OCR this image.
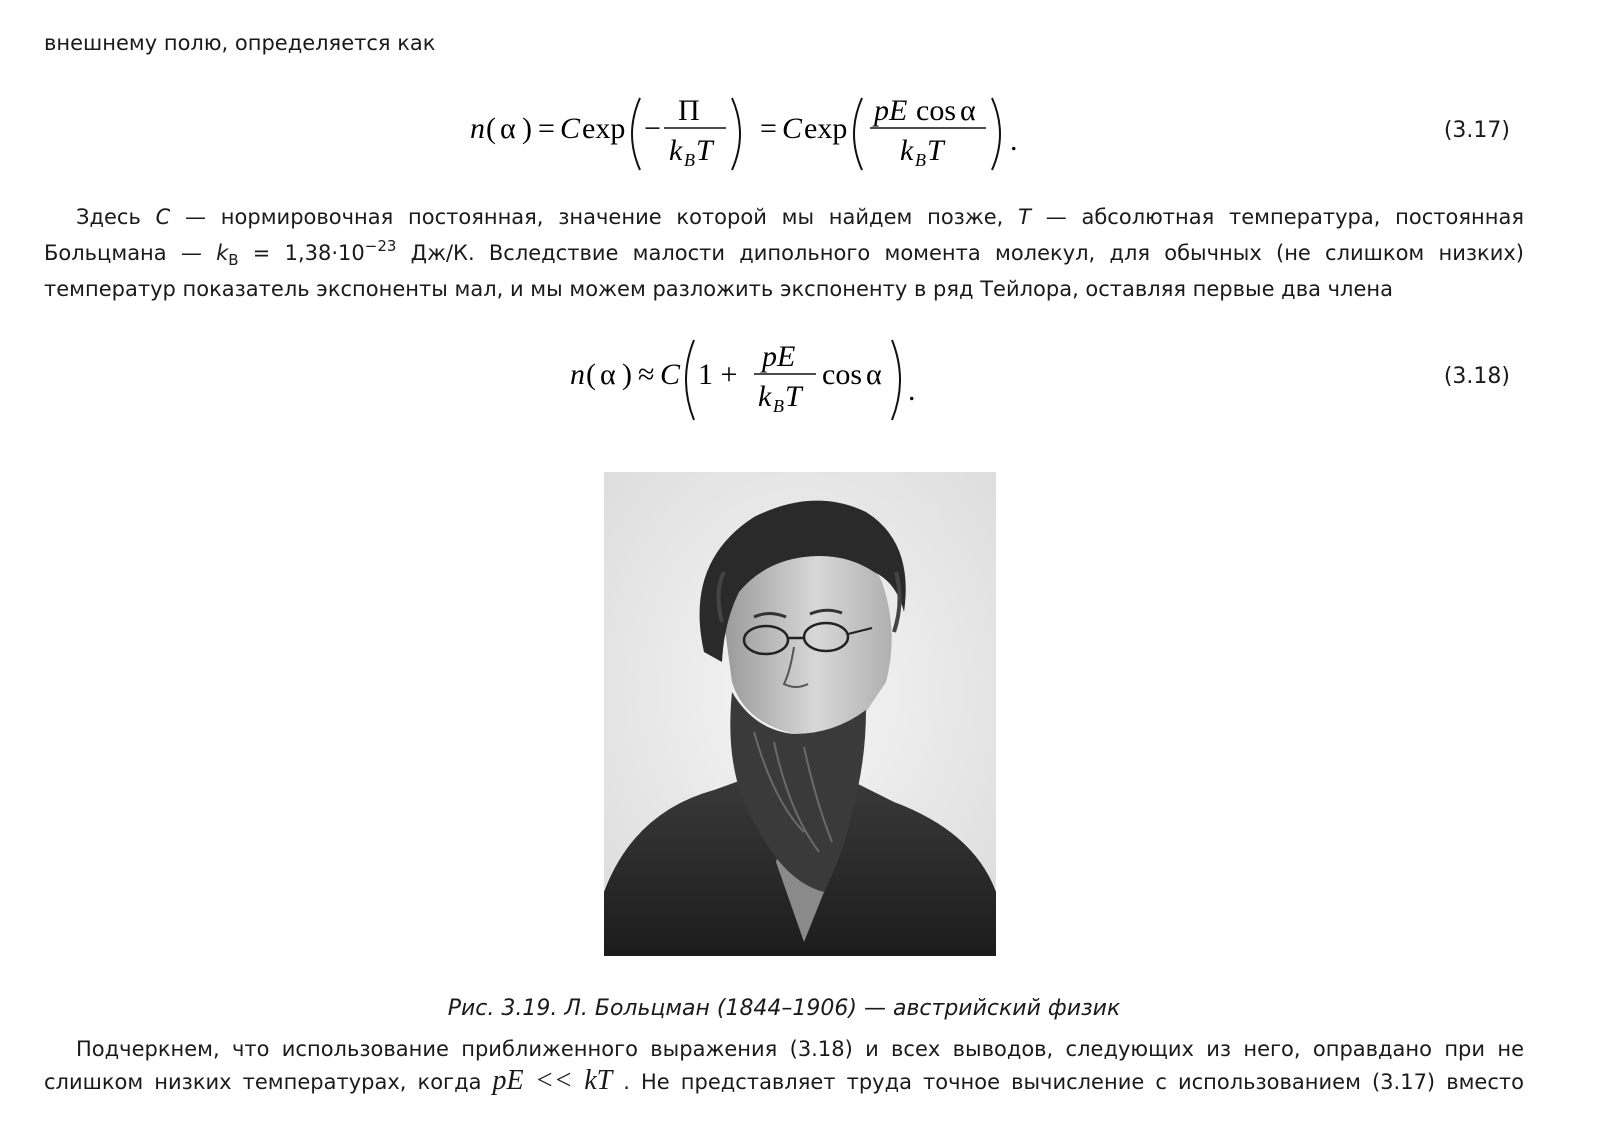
внешнему полю, определяется как
n ( α ) = C exp −
Π
k B T
= C exp
pE cos α
k B T .	(3.17)
Здесь C — нормировочная постоянная, значение которой мы найдем позже, T — абсолютная температура, постоянная
Больцмана — $k_B = 1,38\cdot 10^{-23}$ Дж/К. Вследствие малости дипольного момента молекул, для обычных (не слишком низких)
температур показатель экспоненты мал, и мы можем разложить экспоненту в ряд Тейлора, оставляя первые два члена
n ( α ) ≈ C 1 +
pE
k B T
cos α .	(3.18)
Рис. 3.19. Л. Больцман (1844–1906) — австрийский физик
Подчеркнем, что использование приближенного выражения (3.18) и всех выводов, следующих из него, оправдано при не
слишком низких температурах, когда pE << kT . Не представляет труда точное вычисление с использованием (3.17) вместо
